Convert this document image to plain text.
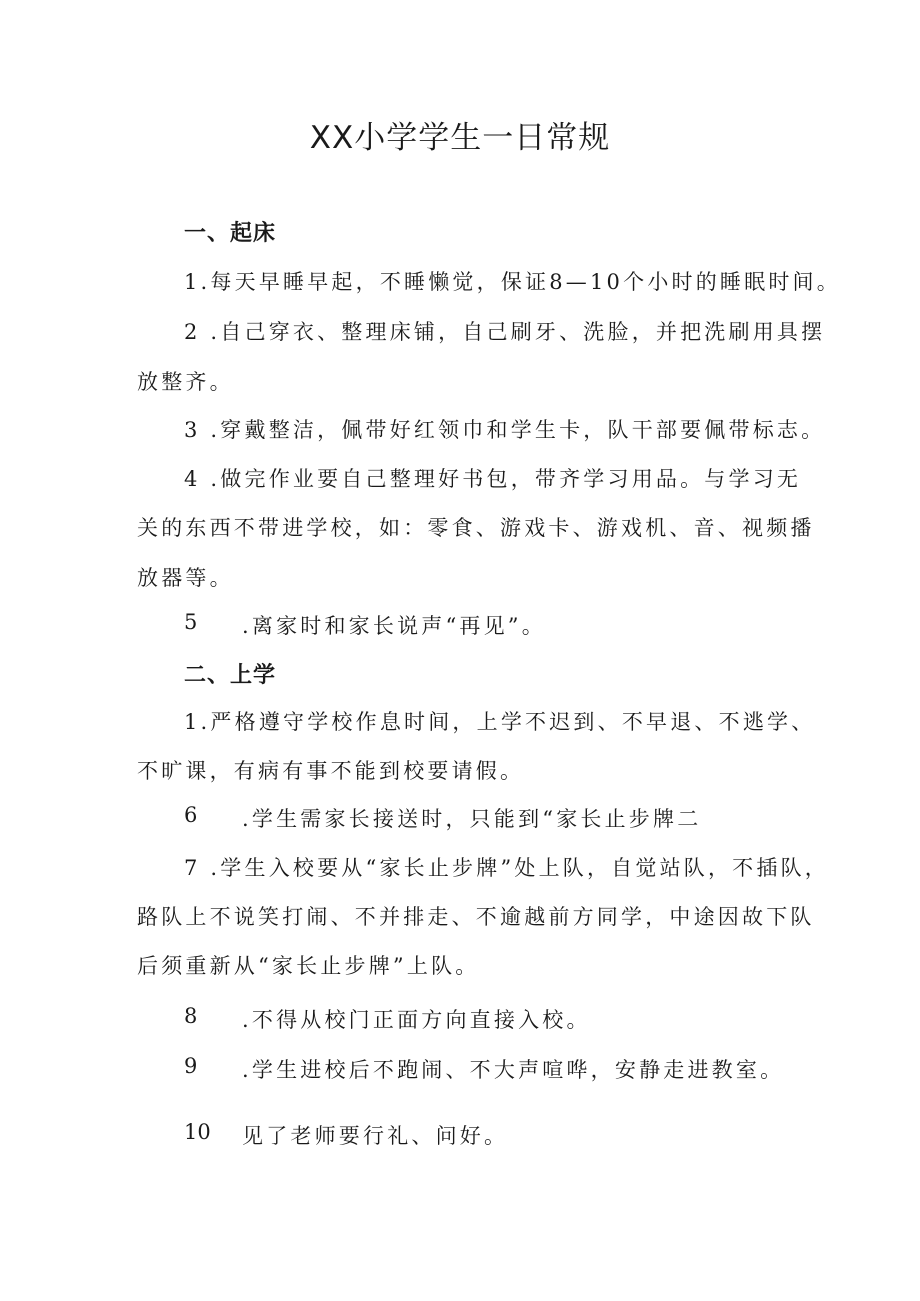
XX小学学生一日常规
一、起床
1.每天早睡早起，不睡懒觉，保证8—10个小时的睡眠时间。
2 .自己穿衣、整理床铺，自己刷牙、洗脸，并把洗刷用具摆
放整齐。
3 .穿戴整洁，佩带好红领巾和学生卡，队干部要佩带标志。
4 .做完作业要自己整理好书包，带齐学习用品。与学习无
关的东西不带进学校，如：零食、游戏卡、游戏机、音、视频播
放器等。
5 .离家时和家长说声“再见”。
二、上学
1.严格遵守学校作息时间，上学不迟到、不早退、不逃学、
不旷课，有病有事不能到校要请假。
6 .学生需家长接送时，只能到“家长止步牌二
7 .学生入校要从“家长止步牌”处上队，自觉站队，不插队，
路队上不说笑打闹、不并排走、不逾越前方同学，中途因故下队
后须重新从“家长止步牌”上队。
8 .不得从校门正面方向直接入校。
9 .学生进校后不跑闹、不大声喧哗，安静走进教室。
10 见了老师要行礼、问好。
